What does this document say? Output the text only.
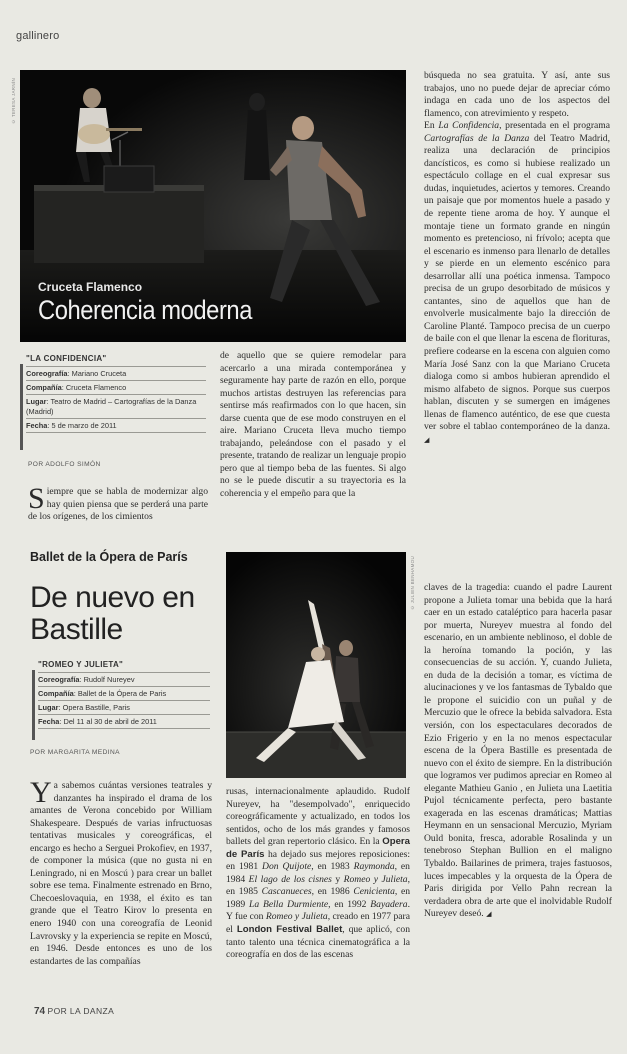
gallinero
© TERESA JARNÍN
Cruceta Flamenco
Coherencia moderna
"LA CONFIDENCIA"
Coreografía: Mariano Cruceta
Compañía: Cruceta Flamenco
Lugar: Teatro de Madrid – Cartografías de la Danza (Madrid)
Fecha: 5 de marzo de 2011
POR ADOLFO SIMÓN
Siempre que se habla de modernizar algo hay quien piensa que se perderá una parte de los orígenes, de los cimientos
de aquello que se quiere remodelar para acercarlo a una mirada contemporánea y seguramente hay parte de razón en ello, porque muchos artistas destruyen las referencias para sentirse más reafirmados con lo que hacen, sin darse cuenta que de ese modo construyen en el aire. Mariano Cruceta lleva mucho tiempo trabajando, peleándose con el pasado y el presente, tratando de realizar un lenguaje propio pero que al tiempo beba de las fuentes. Si algo no se le puede discutir a su trayectoria es la coherencia y el empeño para que la
búsqueda no sea gratuita. Y así, ante sus trabajos, uno no puede dejar de apreciar cómo indaga en cada uno de los aspectos del flamenco, con atrevimiento y respeto.
En La Confidencia, presentada en el programa Cartografías de la Danza del Teatro Madrid, realiza una declaración de principios dancísticos, es como si hubiese realizado un espectáculo collage en el cual expresar sus dudas, inquietudes, aciertos y temores. Creando un paisaje que por momentos huele a pasado y de repente tiene aroma de hoy. Y aunque el montaje tiene un formato grande en ningún momento es pretencioso, ni frívolo; acepta que el escenario es inmenso para llenarlo de detalles y se pierde en un elemento escénico para desarrollar allí una poética inmensa. Tampoco precisa de un grupo desorbitado de músicos y cantantes, sino de aquellos que han de envolverle musicalmente bajo la dirección de Caroline Planté. Tampoco precisa de un cuerpo de baile con el que llenar la escena de florituras, prefiere codearse en la escena con alguien como María José Sanz con la que Mariano Cruceta dialoga como si ambos hubieran aprendido el mismo alfabeto de signos. Porque sus cuerpos hablan, discuten y se sumergen en imágenes llenas de flamenco auténtico, de ese que cuesta ver sobre el tablao contemporáneo de la danza. ◢
Ballet de la Ópera de París
De nuevo en Bastille
"ROMEO Y JULIETA"
Coreografía: Rudolf Nureyev
Compañía: Ballet de la Ópera de Paris
Lugar: Opera Bastille, Paris
Fecha: Del 11 al 30 de abril de 2011
POR MARGARITA MEDINA
Ya sabemos cuántas versiones teatrales y danzantes ha inspirado el drama de los amantes de Verona concebido por William Shakespeare. Después de varias infructuosas tentativas musicales y coreográficas, el encargo es hecho a Serguei Prokofiev, en 1937, de componer la música (que no gusta ni en Leningrado, ni en Moscú ) para crear un ballet sobre ese tema. Finalmente estrenado en Brno, Checoeslovaquia, en 1938, el éxito es tan grande que el Teatro Kirov lo presenta en enero 1940 con una coreografía de Leonid Lavrovsky y la experiencia se repite en Moscú, en 1946. Desde entonces es uno de los estandartes de las compañías
© JULIEN BENHAMOU
rusas, internacionalmente aplaudido. Rudolf Nureyev, ha "desempolvado", enriquecido coreográficamente y actualizado, en todos los sentidos, ocho de los más grandes y famosos ballets del gran repertorio clásico. En la Opera de París ha dejado sus mejores reposiciones: en 1981 Don Quijote, en 1983 Raymonda, en 1984 El lago de los cisnes y Romeo y Julieta, en 1985 Cascanueces, en 1986 Cenicienta, en 1989 La Bella Durmiente, en 1992 Bayadera. Y fue con Romeo y Julieta, creado en 1977 para el London Festival Ballet, que aplicó, con tanto talento una técnica cinematográfica a la coreografía en dos de las escenas
claves de la tragedia: cuando el padre Laurent propone a Julieta tomar una bebida que la hará caer en un estado cataléptico para hacerla pasar por muerta, Nureyev muestra al fondo del escenario, en un ambiente neblinoso, el doble de la heroína tomando la poción, y las consecuencias de su acción. Y, cuando Julieta, en duda de la decisión a tomar, es víctima de alucinaciones y ve los fantasmas de Tybaldo que le propone el suicidio con un puñal y de Mercuzio que le ofrece la bebida salvadora. Esta versión, con los espectaculares decorados de Ezio Frigerio y en la no menos espectacular escena de la Ópera Bastille es presentada de nuevo con el éxito de siempre. En la distribución que logramos ver pudimos apreciar en Romeo al elegante Mathieu Ganio , en Julieta una Laetitia Pujol técnicamente perfecta, pero bastante exagerada en las escenas dramáticas; Mattias Heymann en un sensacional Mercuzio, Myriam Ould bonita, fresca, adorable Rosalinda y un tenebroso Stephan Bullion en el maligno Tybaldo. Bailarines de primera, trajes fastuosos, luces impecables y la orquesta de la Ópera de Paris dirigida por Vello Pahn recrean la verdadera obra de arte que el inolvidable Rudolf Nureyev deseó. ◢
74 POR LA DANZA
